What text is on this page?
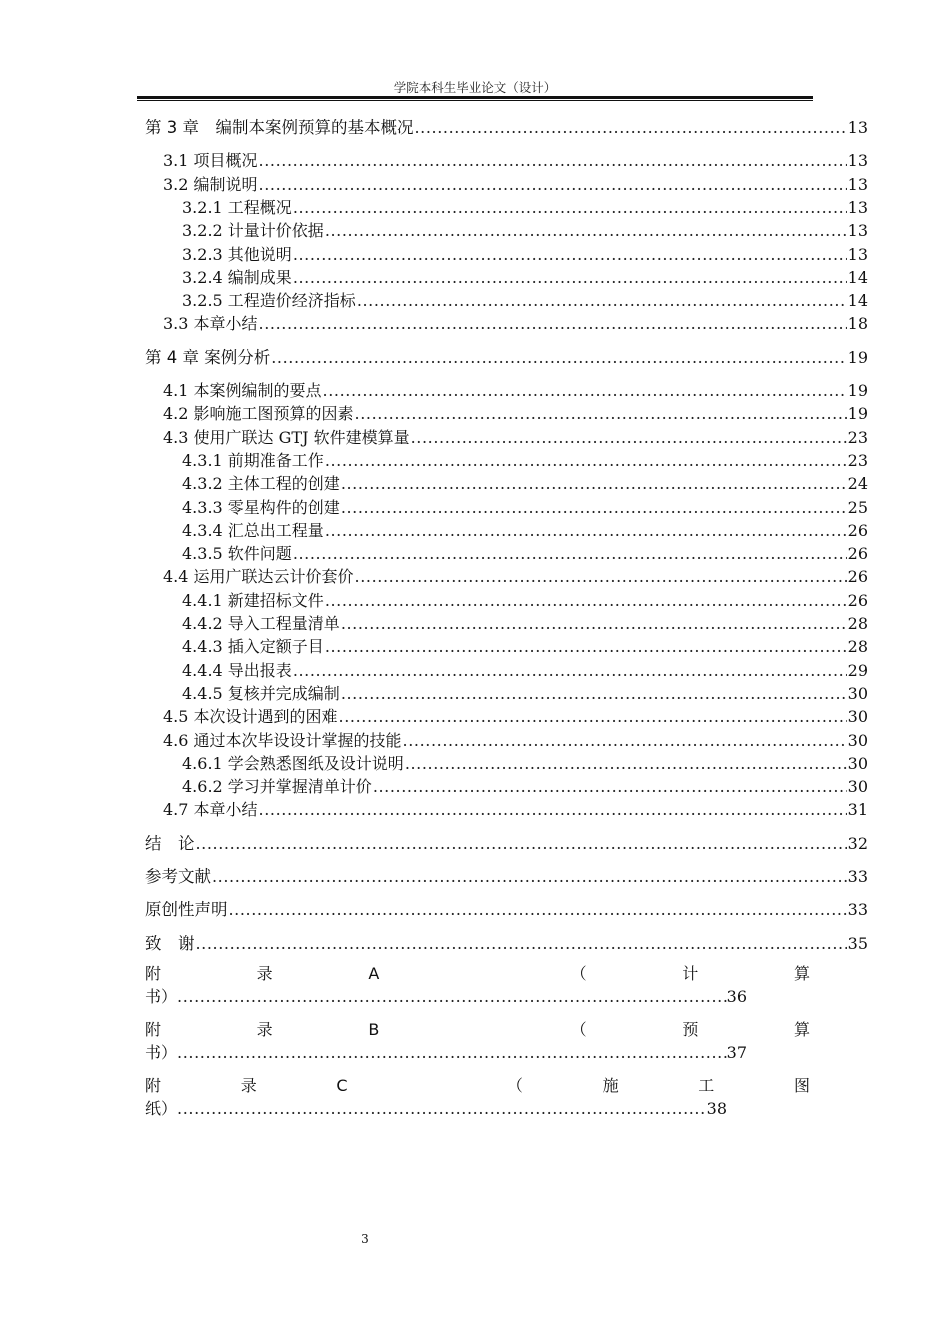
学院本科生毕业论文（设计）
第 3 章　编制本案例预算的基本概况 .....	13
3.1 项目概况 .....	13
3.2 编制说明 .....	13
3.2.1 工程概况 .....	13
3.2.2 计量计价依据 .....	13
3.2.3 其他说明 .....	13
3.2.4 编制成果 .....	14
3.2.5 工程造价经济指标 .....	14
3.3 本章小结 .....	18
第 4 章 案例分析 .....	19
4.1 本案例编制的要点 .....	19
4.2 影响施工图预算的因素 .....	19
4.3 使用广联达 GTJ 软件建模算量 .....	23
4.3.1 前期准备工作 .....	23
4.3.2 主体工程的创建 .....	24
4.3.3 零星构件的创建 .....	25
4.3.4 汇总出工程量 .....	26
4.3.5 软件问题 .....	26
4.4 运用广联达云计价套价 .....	26
4.4.1 新建招标文件 .....	26
4.4.2 导入工程量清单 .....	28
4.4.3 插入定额子目 .....	28
4.4.4 导出报表 .....	29
4.4.5 复核并完成编制 .....	30
4.5 本次设计遇到的困难 .....	30
4.6 通过本次毕设设计掌握的技能 .....	30
4.6.1 学会熟悉图纸及设计说明 .....	30
4.6.2 学习并掌握清单计价 .....	30
4.7 本章小结 .....	31
结　论 .....	32
参考文献 .....	33
原创性声明 .....	33
致　谢 .....	35
附	录	A	（	计	算
书） .....	36
附	录	B	（	预	算
书） .....	37
附	录	C	（	施	工	图
纸） .....	38
3
